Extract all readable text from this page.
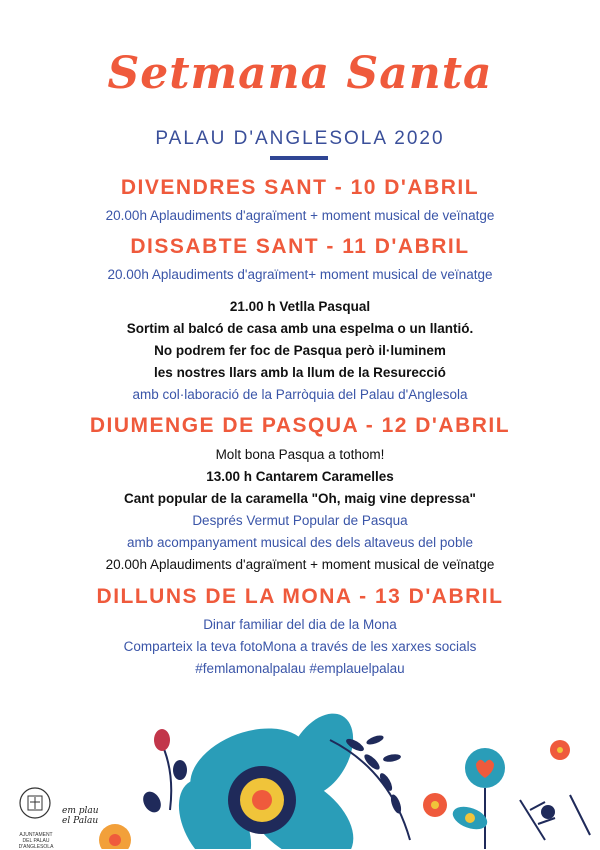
Setmana Santa
PALAU D'ANGLESOLA 2020
DIVENDRES SANT - 10 D'ABRIL
20.00h Aplaudiments d'agraïment + moment musical de veïnatge
DISSABTE SANT - 11 D'ABRIL
20.00h Aplaudiments d'agraïment+ moment musical de veïnatge
21.00 h Vetlla Pasqual
Sortim al balcó de casa amb una espelma o un llantió.
No podrem fer foc de Pasqua però il·luminem
les nostres llars amb la llum de la Resurecció
amb col·laboració de la Parròquia del Palau d'Anglesola
DIUMENGE DE PASQUA - 12 D'ABRIL
Molt bona Pasqua a tothom!
13.00 h Cantarem Caramelles
Cant popular de la caramella "Oh, maig vine depressa"
Després Vermut Popular de Pasqua
amb acompanyament musical des dels altaveus del poble
20.00h Aplaudiments d'agraïment + moment musical de veïnatge
DILLUNS DE LA MONA - 13 D'ABRIL
Dinar familiar del dia de la Mona
Comparteix la teva fotoMona a través de les xarxes socials
#femlamonalpalau #emplauelpalau
AJUNTAMENT DEL PALAU D'ANGLESOLA
em plau
el Palau
